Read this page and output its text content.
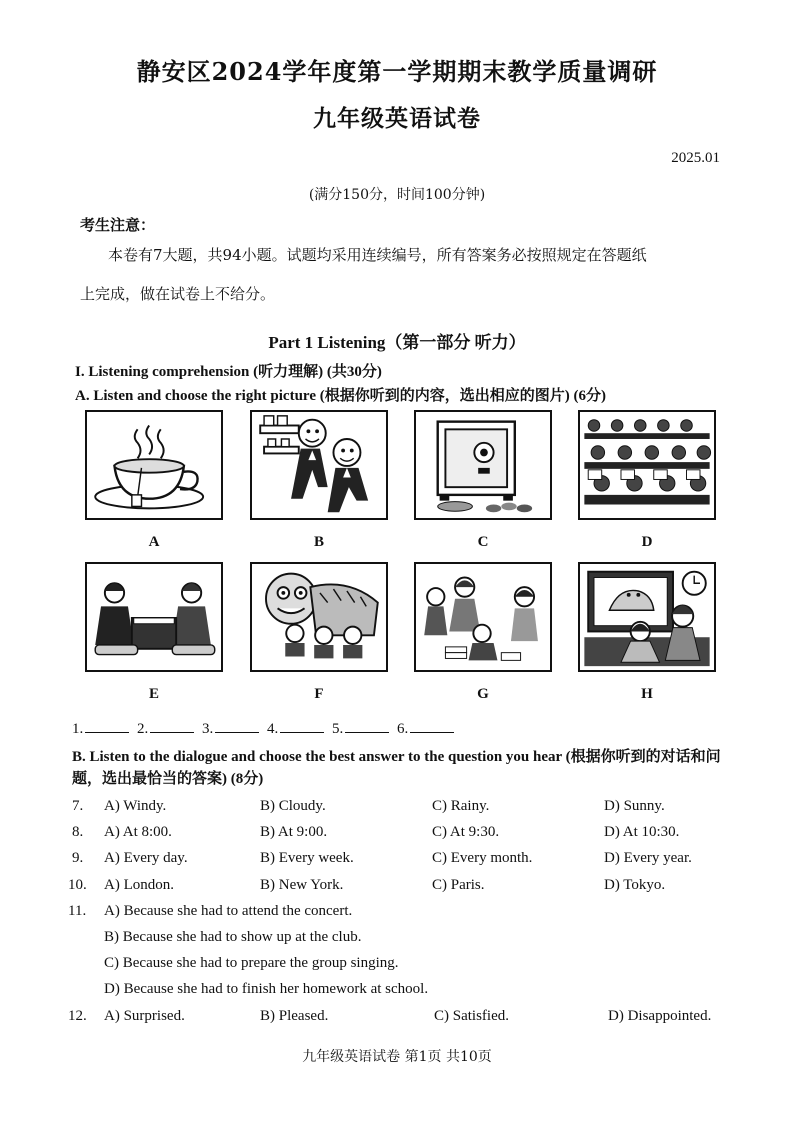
静安区2024学年度第一学期期末教学质量调研
九年级英语试卷
2025.01
(满分150分，时间100分钟)
考生注意：
本卷有7大题，共94小题。试题均采用连续编号，所有答案务必按照规定在答题纸
上完成，做在试卷上不给分。
Part 1 Listening（第一部分 听力）
I. Listening comprehension (听力理解) (共30分)
A. Listen and choose the right picture (根据你听到的内容，选出相应的图片) (6分)
A	B	C	D
E	F	G	H
1.	2.	3.	4.	5.	6.
B. Listen to the dialogue and choose the best answer to the question you hear (根据你听到的对话和问题，选出最恰当的答案) (8分)
7. A) Windy.	B) Cloudy.	C) Rainy.	D) Sunny.
8. A) At 8:00.	B) At 9:00.	C) At 9:30.	D) At 10:30.
9. A) Every day.	B) Every week.	C) Every month.	D) Every year.
10. A) London.	B) New York.	C) Paris.	D) Tokyo.
11. A) Because she had to attend the concert.
B) Because she had to show up at the club.
C) Because she had to prepare the group singing.
D) Because she had to finish her homework at school.
12. A) Surprised.	B) Pleased.	C) Satisfied.	D) Disappointed.
九年级英语试卷 第1页 共10页
